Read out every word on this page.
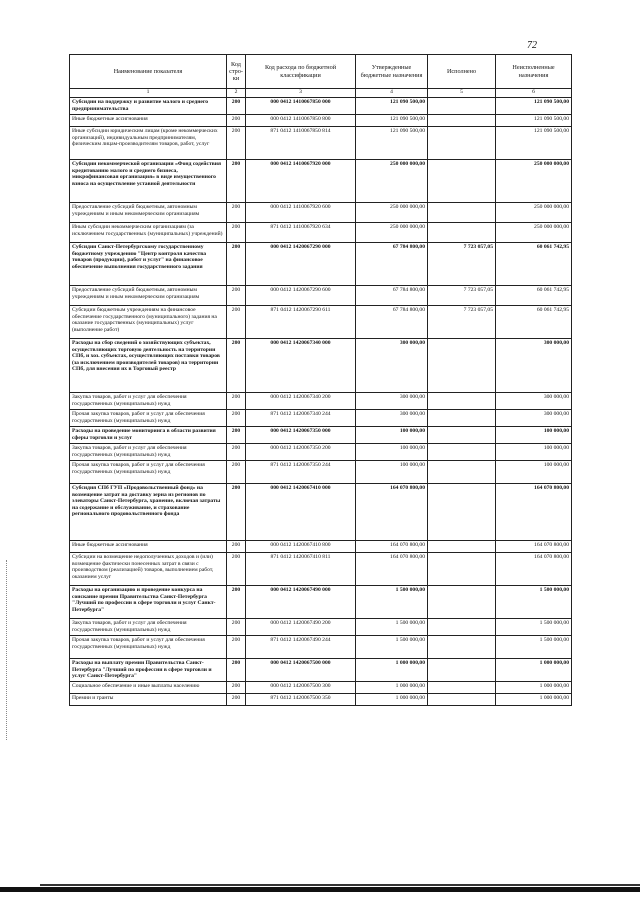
72
Наименование показателя	Код стро-ки	Код расхода по бюджетной классификации	Утвержденные бюджетные назначения	Исполнено	Неисполненные назначения
1	2	3	4	5	6
Субсидии на поддержку и развитие малого и среднего предпринимательства	200	000 0412 1410067850 000	121 090 500,00		121 090 500,00
Иные бюджетные ассигнования	200	000 0412 1410067850 800	121 090 500,00		121 090 500,00
Иные субсидии юридическим лицам (кроме некоммерческих организаций), индивидуальным предпринимателям, физическим лицам-производителям товаров, работ, услуг	200	871 0412 1410067850 814	121 090 500,00		121 090 500,00
Субсидии некоммерческой организации «Фонд содействия кредитованию малого и среднего бизнеса, микрофинансовая организация» в виде имущественного взноса на осуществление уставной деятельности	200	000 0412 1410067920 000	250 000 000,00		250 000 000,00
Предоставление субсидий бюджетным, автономным учреждениям и иным некоммерческим организациям	200	000 0412 1410067920 600	250 000 000,00		250 000 000,00
Иным субсидии некоммерческим организациям (за исключением государственных (муниципальных) учреждений)	200	871 0412 1410067920 634	250 000 000,00		250 000 000,00
Субсидии Санкт-Петербургскому государственному бюджетному учреждению "Центр контроля качества товаров (продукции), работ и услуг" на финансовое обеспечение выполнения государственного задания	200	000 0412 1420067290 000	67 784 800,00	7 723 057,05	60 061 742,95
Предоставление субсидий бюджетным, автономным учреждениям и иным некоммерческим организациям	200	000 0412 1420067290 600	67 784 800,00	7 723 057,05	60 061 742,95
Субсидии бюджетным учреждениям на финансовое обеспечение государственного (муниципального) задания на оказание государственных (муниципальных) услуг (выполнение работ)	200	871 0412 1420067290 611	67 784 800,00	7 723 057,05	60 061 742,95
Расходы на сбор сведений о хозяйствующих субъектах, осуществляющих торговую деятельность на территории СПб, и хоз. субъектах, осуществляющих поставки товаров (за исключением производителей товаров) на территории СПб, для внесения их в Торговый реестр	200	000 0412 1420067340 000	300 000,00		300 000,00
Закупка товаров, работ и услуг для обеспечения государственных (муниципальных) нужд	200	000 0412 1420067340 200	300 000,00		300 000,00
Прочая закупка товаров, работ и услуг для обеспечения государственных (муниципальных) нужд	200	871 0412 1420067340 244	300 000,00		300 000,00
Расходы на проведение мониторинга в области развития сферы торговли и услуг	200	000 0412 1420067350 000	100 000,00		100 000,00
Закупка товаров, работ и услуг для обеспечения государственных (муниципальных) нужд	200	000 0412 1420067350 200	100 000,00		100 000,00
Прочая закупка товаров, работ и услуг для обеспечения государственных (муниципальных) нужд	200	871 0412 1420067350 244	100 000,00		100 000,00
Субсидия СПб ГУП «Продовольственный фонд» на возмещение затрат на доставку зерна из регионов по элеваторы Санкт-Петербурга, хранение, включая затраты на содержание и обслуживание, и страхование регионального продовольственного фонда	200	000 0412 1420067410 000	164 070 800,00		164 070 800,00
Иные бюджетные ассигнования	200	000 0412 1420067410 800	164 070 800,00		164 070 800,00
Субсидии на возмещение недополученных доходов и (или) возмещение фактически понесенных затрат в связи с производством (реализацией) товаров, выполнением работ, оказанием услуг	200	871 0412 1420067410 811	164 070 800,00		164 070 800,00
Расходы на организацию и проведение конкурса на соискание премии Правительства Санкт-Петербурга "Лучший по профессии в сфере торговли и услуг Санкт-Петербурга"	200	000 0412 1420067490 000	1 500 000,00		1 500 000,00
Закупка товаров, работ и услуг для обеспечения государственных (муниципальных) нужд	200	000 0412 1420067490 200	1 500 000,00		1 500 000,00
Прочая закупка товаров, работ и услуг для обеспечения государственных (муниципальных) нужд	200	871 0412 1420067490 244	1 500 000,00		1 500 000,00
Расходы на выплату премии Правительства Санкт-Петербурга "Лучший по профессии в сфере торговли и услуг Санкт-Петербурга"	200	000 0412 1420067500 000	1 000 000,00		1 000 000,00
Социальное обеспечение и иные выплаты населению	200	000 0412 1420067500 300	1 000 000,00		1 000 000,00
Премии и гранты	200	871 0412 1420067500 350	1 000 000,00		1 000 000,00
